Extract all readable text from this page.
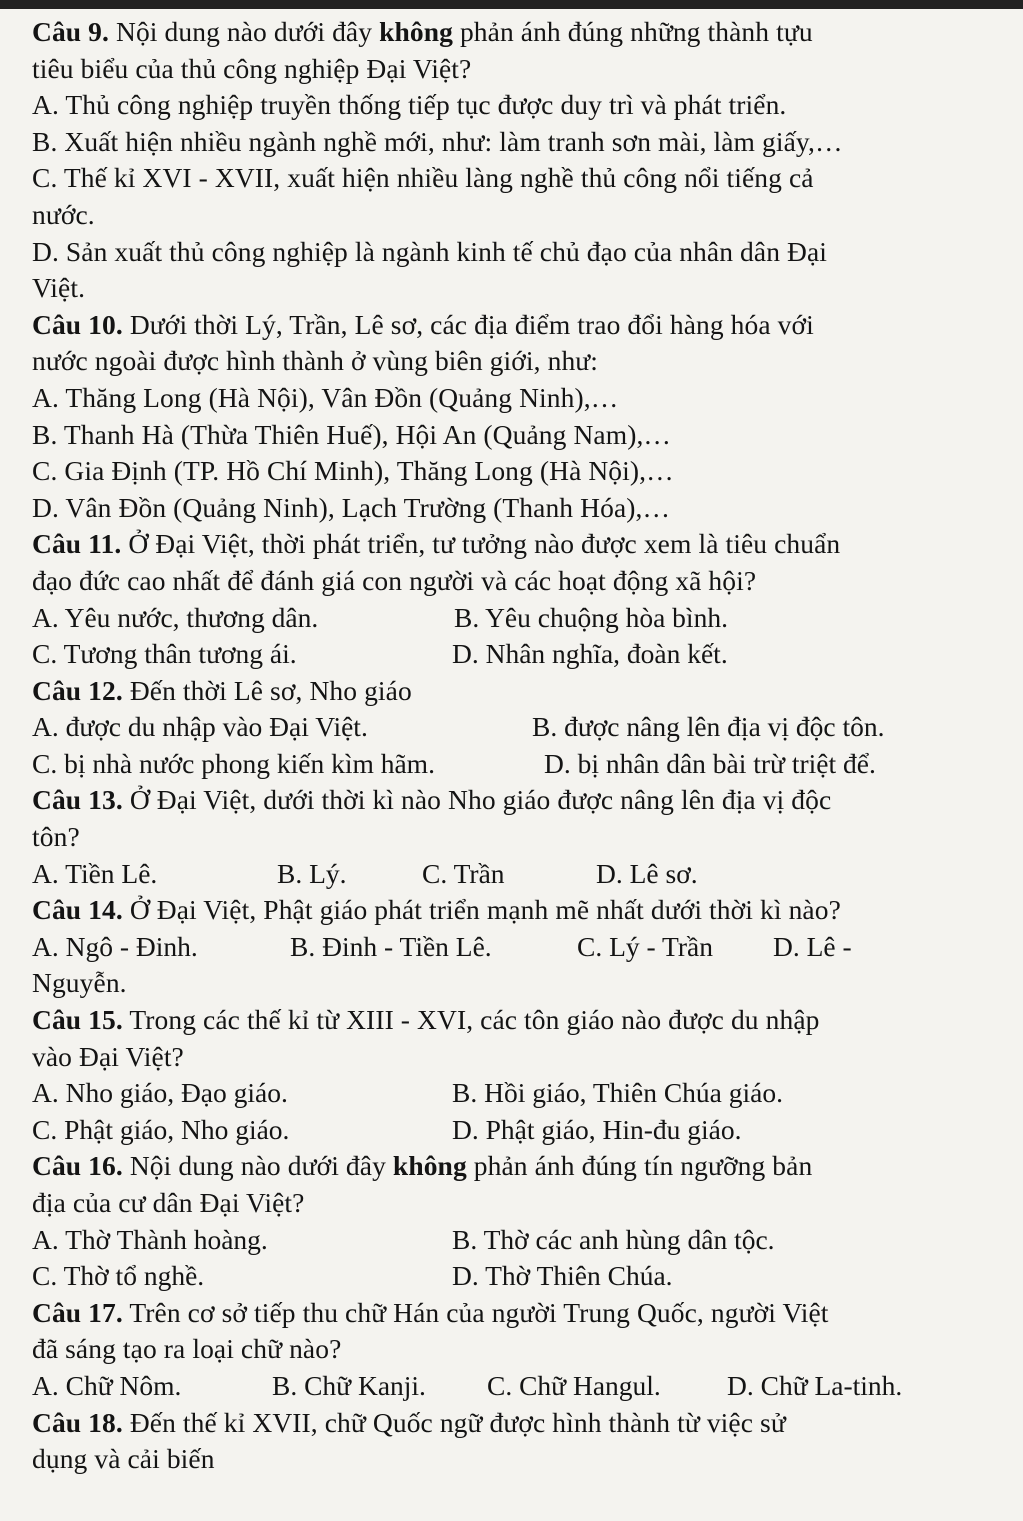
Câu 9. Nội dung nào dưới đây không phản ánh đúng những thành tựu
tiêu biểu của thủ công nghiệp Đại Việt?
A. Thủ công nghiệp truyền thống tiếp tục được duy trì và phát triển.
B. Xuất hiện nhiều ngành nghề mới, như: làm tranh sơn mài, làm giấy,…
C. Thế kỉ XVI - XVII, xuất hiện nhiều làng nghề thủ công nổi tiếng cả
nước.
D. Sản xuất thủ công nghiệp là ngành kinh tế chủ đạo của nhân dân Đại
Việt.
Câu 10. Dưới thời Lý, Trần, Lê sơ, các địa điểm trao đổi hàng hóa với
nước ngoài được hình thành ở vùng biên giới, như:
A. Thăng Long (Hà Nội), Vân Đồn (Quảng Ninh),…
B. Thanh Hà (Thừa Thiên Huế), Hội An (Quảng Nam),…
C. Gia Định (TP. Hồ Chí Minh), Thăng Long (Hà Nội),…
D. Vân Đồn (Quảng Ninh), Lạch Trường (Thanh Hóa),…
Câu 11. Ở Đại Việt, thời phát triển, tư tưởng nào được xem là tiêu chuẩn
đạo đức cao nhất để đánh giá con người và các hoạt động xã hội?
A. Yêu nước, thương dân.	B. Yêu chuộng hòa bình.
C. Tương thân tương ái.	D. Nhân nghĩa, đoàn kết.
Câu 12. Đến thời Lê sơ, Nho giáo
A. được du nhập vào Đại Việt.	B. được nâng lên địa vị độc tôn.
C. bị nhà nước phong kiến kìm hãm.	D. bị nhân dân bài trừ triệt để.
Câu 13. Ở Đại Việt, dưới thời kì nào Nho giáo được nâng lên địa vị độc
tôn?
A. Tiền Lê.	B. Lý.	C. Trần	D. Lê sơ.
Câu 14. Ở Đại Việt, Phật giáo phát triển mạnh mẽ nhất dưới thời kì nào?
A. Ngô - Đinh.	B. Đinh - Tiền Lê.	C. Lý - Trần	D. Lê -
Nguyễn.
Câu 15. Trong các thế kỉ từ XIII - XVI, các tôn giáo nào được du nhập
vào Đại Việt?
A. Nho giáo, Đạo giáo.	B. Hồi giáo, Thiên Chúa giáo.
C. Phật giáo, Nho giáo.	D. Phật giáo, Hin-đu giáo.
Câu 16. Nội dung nào dưới đây không phản ánh đúng tín ngưỡng bản
địa của cư dân Đại Việt?
A. Thờ Thành hoàng.	B. Thờ các anh hùng dân tộc.
C. Thờ tổ nghề.	D. Thờ Thiên Chúa.
Câu 17. Trên cơ sở tiếp thu chữ Hán của người Trung Quốc, người Việt
đã sáng tạo ra loại chữ nào?
A. Chữ Nôm.	B. Chữ Kanji.	C. Chữ Hangul.	D. Chữ La-tinh.
Câu 18. Đến thế kỉ XVII, chữ Quốc ngữ được hình thành từ việc sử
dụng và cải biến
